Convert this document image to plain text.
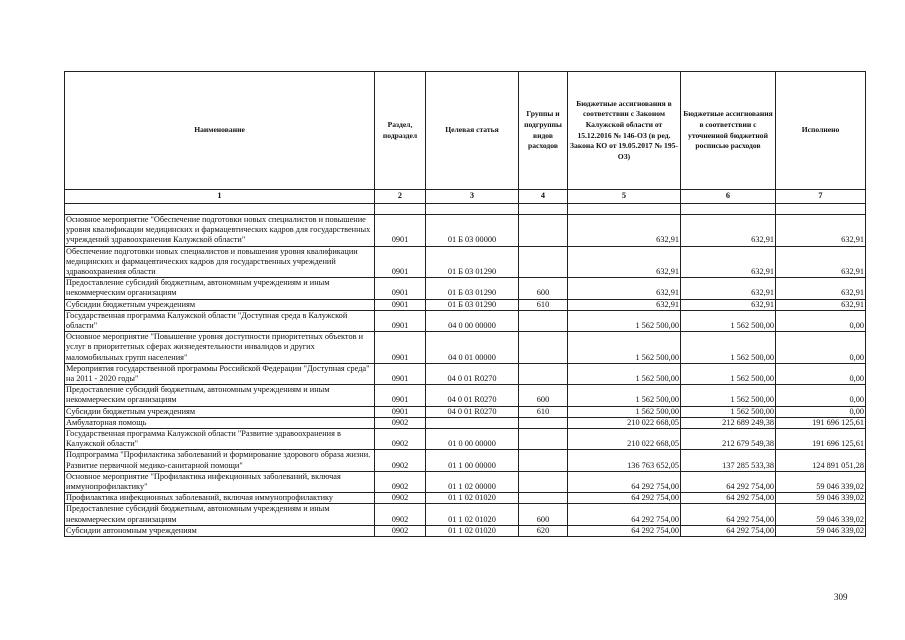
Наименование	Раздел, подраздел	Целевая статья	Группы и подгруппы видов расходов	Бюджетные ассигнования в соответствии с Законом Калужской области от 15.12.2016 № 146-ОЗ (в ред. Закона КО от 19.05.2017 № 195-ОЗ)	Бюджетные ассигнования в соответствии с уточненной бюджетной росписью расходов	Исполнено
1	2	3	4	5	6	7

Основное мероприятие "Обеспечение подготовки новых специалистов и повышение уровня квалификации медицинских и фармацевтических кадров для государственных учреждений здравоохранения Калужской области"	0901	01 Б 03 00000		632,91	632,91	632,91
Обеспечение подготовки новых специалистов и повышения уровня квалификации медицинских и фармацевтических кадров для государственных учреждений здравоохранения области	0901	01 Б 03 01290		632,91	632,91	632,91
Предоставление субсидий бюджетным, автономным учреждениям и иным некоммерческим организациям	0901	01 Б 03 01290	600	632,91	632,91	632,91
Субсидии бюджетным учреждениям	0901	01 Б 03 01290	610	632,91	632,91	632,91
Государственная программа Калужской области "Доступная среда в Калужской области"	0901	04 0 00 00000		1 562 500,00	1 562 500,00	0,00
Основное мероприятие "Повышение уровня доступности приоритетных объектов и услуг в приоритетных сферах жизнедеятельности инвалидов и других маломобильных групп населения"	0901	04 0 01 00000		1 562 500,00	1 562 500,00	0,00
Мероприятия государственной программы Российской Федерации "Доступная среда" на 2011 - 2020 годы"	0901	04 0 01 R0270		1 562 500,00	1 562 500,00	0,00
Предоставление субсидий бюджетным, автономным учреждениям и иным некоммерческим организациям	0901	04 0 01 R0270	600	1 562 500,00	1 562 500,00	0,00
Субсидии бюджетным учреждениям	0901	04 0 01 R0270	610	1 562 500,00	1 562 500,00	0,00
Амбулаторная помощь	0902			210 022 668,05	212 689 249,38	191 696 125,61
Государственная программа Калужской области "Развитие здравоохранения в Калужской области"	0902	01 0 00 00000		210 022 668,05	212 679 549,38	191 696 125,61
Подпрограмма "Профилактика заболеваний и формирование здорового образа жизни. Развитие первичной медико-санитарной помощи"	0902	01 1 00 00000		136 763 652,05	137 285 533,38	124 891 051,28
Основное мероприятие "Профилактика инфекционных заболеваний, включая иммунопрофилактику"	0902	01 1 02 00000		64 292 754,00	64 292 754,00	59 046 339,02
Профилактика инфекционных заболеваний, включая иммунопрофилактику	0902	01 1 02 01020		64 292 754,00	64 292 754,00	59 046 339,02
Предоставление субсидий бюджетным, автономным учреждениям и иным некоммерческим организациям	0902	01 1 02 01020	600	64 292 754,00	64 292 754,00	59 046 339,02
Субсидии автономным учреждениям	0902	01 1 02 01020	620	64 292 754,00	64 292 754,00	59 046 339,02
309
